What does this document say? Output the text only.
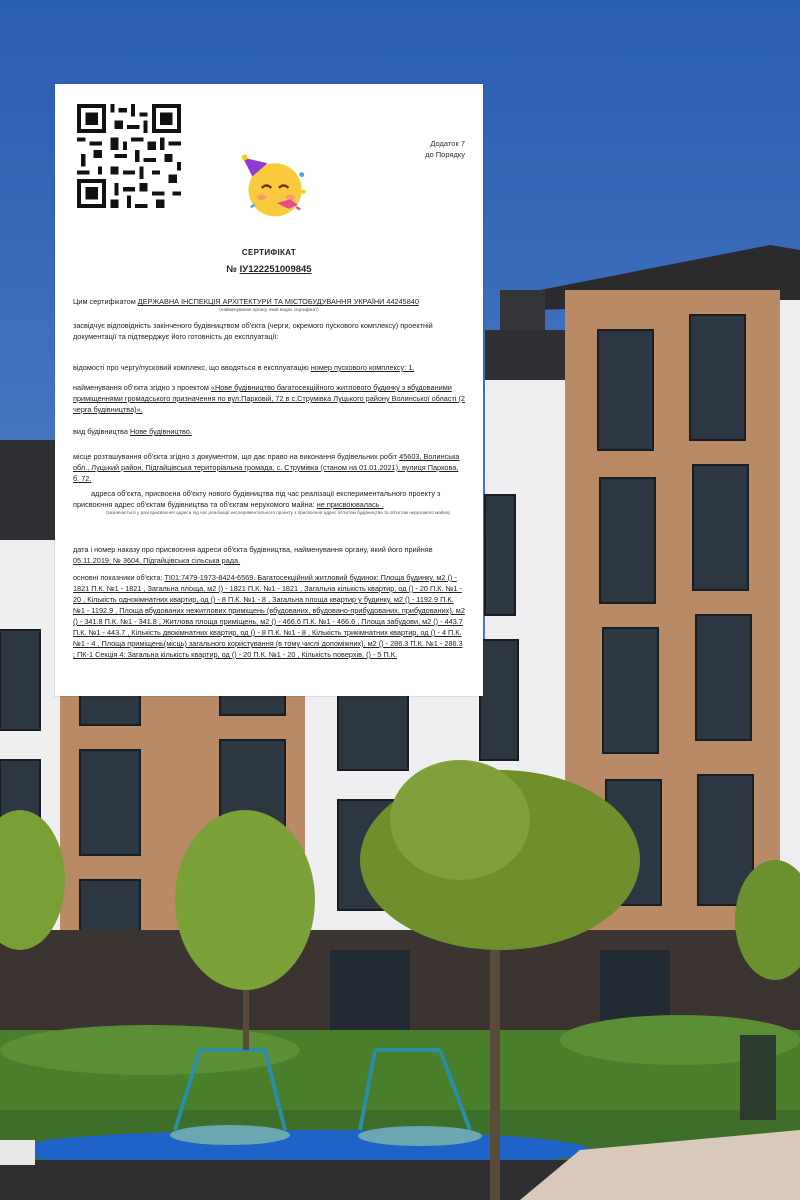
Додаток 7
до Порядку
СЕРТИФІКАТ
№ ІУ122251009845
Цим сертифікатом ДЕРЖАВНА ІНСПЕКЦІЯ АРХІТЕКТУРИ ТА МІСТОБУДУВАННЯ УКРАЇНИ 44245840
(найменування органу, який видає сертифікат)
засвідчує відповідність закінченого будівництвом об'єкта (черги, окремого пускового комплексу) проектній документації та підтверджує його готовність до експлуатації:
відомості про чергу/пусковий комплекс, що вводяться в експлуатацію номер пускового комплексу: 1.
найменування об'єкта згідно з проектом «Нове будівництво багатосекційного житлового будинку з вбудованими приміщеннями громадського призначення по вул.Парковій, 72 в с.Струмівка Луцького району Волинської області (2 черга будівництва)».
вид будівництва Нове будівництво.
місце розташування об'єкта згідно з документом, що дає право на виконання будівельних робіт 45603, Волинська обл., Луцький район, Підгайцівська територіальна громада, с. Струмівка (станом на 01.01.2021), вулиця Паркова, б. 72.
адреса об'єкта, присвоєна об'єкту нового будівництва під час реалізації експериментального проекту з присвоєння адрес об'єктам будівництва та об'єктам нерухомого майна: не присвоювалась .
(зазначається у разі присвоєння адреси під час реалізації експериментального проекту з присвоєння адрес об'єктам будівництва та об'єктам нерухомого майна)
дата і номер наказу про присвоєння адреси об'єкта будівництва, найменування органу, який його прийняв 05.11.2019, № 3604, Підгайцівська сільська рада.
основні показники об'єкта: ТІ01:7479-1973-8424-6569. Багатосекційний житловий будинок: Площа будинку, м2 () - 1821 П.К. №1 - 1821 , Загальна площа, м2 () - 1821 П.К. №1 - 1821 , Загальна кількість квартир, од () - 20 П.К. №1 - 20 , Кількість однокімнатних квартир, од () - 8 П.К. №1 - 8 , Загальна площа квартир у будинку, м2 () - 1192.9 П.К. №1 - 1192.9 , Площа вбудованих нежитлових приміщень (вбудованих, вбудовано-прибудованих, прибудованих), м2 () - 341.8 П.К. №1 - 341.8 , Житлова площа приміщень, м2 () - 466.6 П.К. №1 - 466.6 , Площа забудови, м2 () - 443.7 П.К. №1 - 443.7 , Кількість двокімнатних квартир, од () - 8 П.К. №1 - 8 , Кількість трикімнатних квартир, од () - 4 П.К. №1 - 4 , Площа приміщень(місць) загального користування (в тому числі допоміжних), м2 () - 286.3 П.К. №1 - 286.3 ; ПК-1 Секція 4: Загальна кількість квартир, од () - 20 П.К. №1 - 20 , Кількість поверхів, () - 5 П.К.
